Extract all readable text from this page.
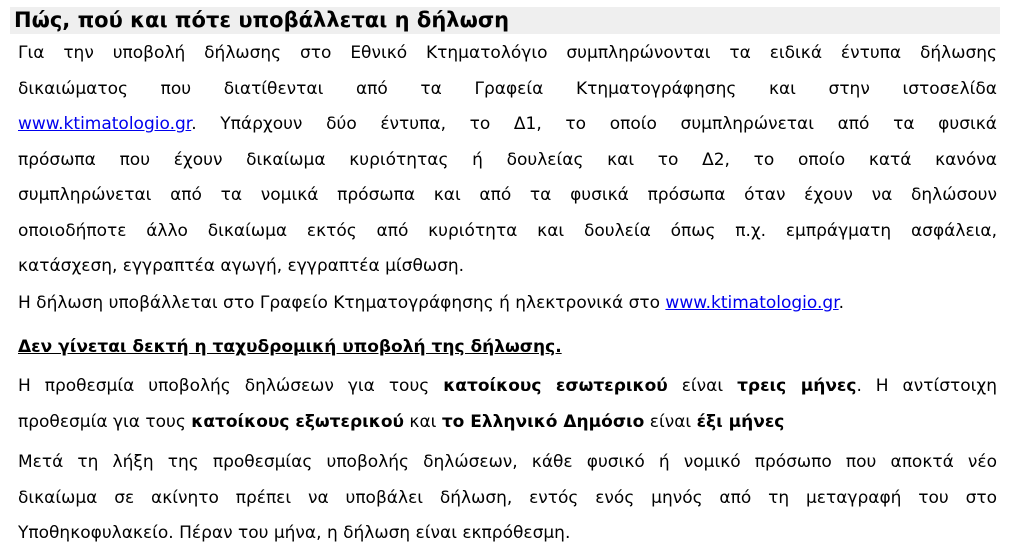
Πώς, πού και πότε υποβάλλεται η δήλωση
Για την υποβολή δήλωσης στο Εθνικό Κτηματολόγιο συμπληρώνονται τα ειδικά έντυπα δήλωσης
δικαιώματος που διατίθενται από τα Γραφεία Κτηματογράφησης και στην ιστοσελίδα
www.ktimatologio.gr. Υπάρχουν δύο έντυπα, το Δ1, το οποίο συμπληρώνεται από τα φυσικά
πρόσωπα που έχουν δικαίωμα κυριότητας ή δουλείας και το Δ2, το οποίο κατά κανόνα
συμπληρώνεται από τα νομικά πρόσωπα και από τα φυσικά πρόσωπα όταν έχουν να δηλώσουν
οποιοδήποτε άλλο δικαίωμα εκτός από κυριότητα και δουλεία όπως π.χ. εμπράγματη ασφάλεια,
κατάσχεση, εγγραπτέα αγωγή, εγγραπτέα μίσθωση.
Η δήλωση υποβάλλεται στο Γραφείο Κτηματογράφησης ή ηλεκτρονικά στο www.ktimatologio.gr.
Δεν γίνεται δεκτή η ταχυδρομική υποβολή της δήλωσης.
Η προθεσμία υποβολής δηλώσεων για τους κατοίκους εσωτερικού είναι τρεις μήνες. Η αντίστοιχη
προθεσμία για τους κατοίκους εξωτερικού και το Ελληνικό Δημόσιο είναι έξι μήνες
Μετά τη λήξη της προθεσμίας υποβολής δηλώσεων, κάθε φυσικό ή νομικό πρόσωπο που αποκτά νέο
δικαίωμα σε ακίνητο πρέπει να υποβάλει δήλωση, εντός ενός μηνός από τη μεταγραφή του στο
Υποθηκοφυλακείο. Πέραν του μήνα, η δήλωση είναι εκπρόθεσμη.
